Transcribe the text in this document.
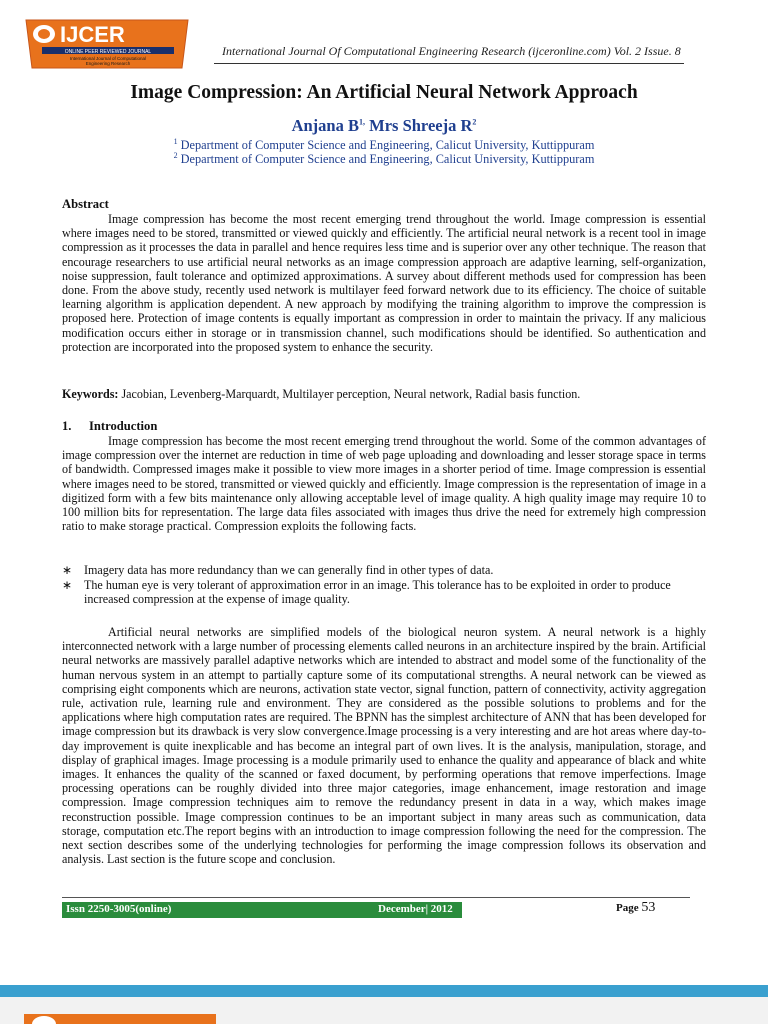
IJCER
ONLINE PEER REVIEWED JOURNAL
International Journal of Computational
Engineering Research
International Journal Of Computational Engineering Research (ijceronline.com) Vol. 2 Issue. 8
Image Compression: An Artificial Neural Network Approach
Anjana $B^{1,}$ Mrs Shreeja $R^2$
$^1$ Department of Computer Science and Engineering, Calicut University, Kuttippuram
$^2$ Department of Computer Science and Engineering, Calicut University, Kuttippuram
Abstract
Image compression has become the most recent emerging trend throughout the world. Image compression is essential where images need to be stored, transmitted or viewed quickly and efficiently. The artificial neural network is a recent tool in image compression as it processes the data in parallel and hence requires less time and is superior over any other technique. The reason that encourage researchers to use artificial neural networks as an image compression approach are adaptive learning, self-organization, noise suppression, fault tolerance and optimized approximations. A survey about different methods used for compression has been done. From the above study, recently used network is multilayer feed forward network due to its efficiency. The choice of suitable learning algorithm is application dependent. A new approach by modifying the training algorithm to improve the compression is proposed here. Protection of image contents is equally important as compression in order to maintain the privacy. If any malicious modification occurs either in storage or in transmission channel, such modifications should be identified. So authentication and protection are incorporated into the proposed system to enhance the security.
Keywords: Jacobian, Levenberg-Marquardt, Multilayer perception, Neural network, Radial basis function.
1. Introduction
Image compression has become the most recent emerging trend throughout the world. Some of the common advantages of image compression over the internet are reduction in time of web page uploading and downloading and lesser storage space in terms of bandwidth. Compressed images make it possible to view more images in a shorter period of time. Image compression is essential where images need to be stored, transmitted or viewed quickly and efficiently. Image compression is the representation of image in a digitized form with a few bits maintenance only allowing acceptable level of image quality. A high quality image may require 10 to 100 million bits for representation. The large data files associated with images thus drive the need for extremely high compression ratio to make storage practical. Compression exploits the following facts.
∗ Imagery data has more redundancy than we can generally find in other types of data.
∗ The human eye is very tolerant of approximation error in an image. This tolerance has to be exploited in order to produce increased compression at the expense of image quality.
Artificial neural networks are simplified models of the biological neuron system. A neural network is a highly interconnected network with a large number of processing elements called neurons in an architecture inspired by the brain. Artificial neural networks are massively parallel adaptive networks which are intended to abstract and model some of the functionality of the human nervous system in an attempt to partially capture some of its computational strengths. A neural network can be viewed as comprising eight components which are neurons, activation state vector, signal function, pattern of connectivity, activity aggregation rule, activation rule, learning rule and environment. They are considered as the possible solutions to problems and for the applications where high computation rates are required. The BPNN has the simplest architecture of ANN that has been developed for image compression but its drawback is very slow convergence.Image processing is a very interesting and are hot areas where day-to-day improvement is quite inexplicable and has become an integral part of own lives. It is the analysis, manipulation, storage, and display of graphical images. Image processing is a module primarily used to enhance the quality and appearance of black and white images. It enhances the quality of the scanned or faxed document, by performing operations that remove imperfections. Image processing operations can be roughly divided into three major categories, image enhancement, image restoration and image compression. Image compression techniques aim to remove the redundancy present in data in a way, which makes image reconstruction possible. Image compression continues to be an important subject in many areas such as communication, data storage, computation etc.The report begins with an introduction to image compression following the need for the compression. The next section describes some of the underlying technologies for performing the image compression follows its observation and analysis. Last section is the future scope and conclusion.
Issn 2250-3005(online)	December| 2012	Page 53
